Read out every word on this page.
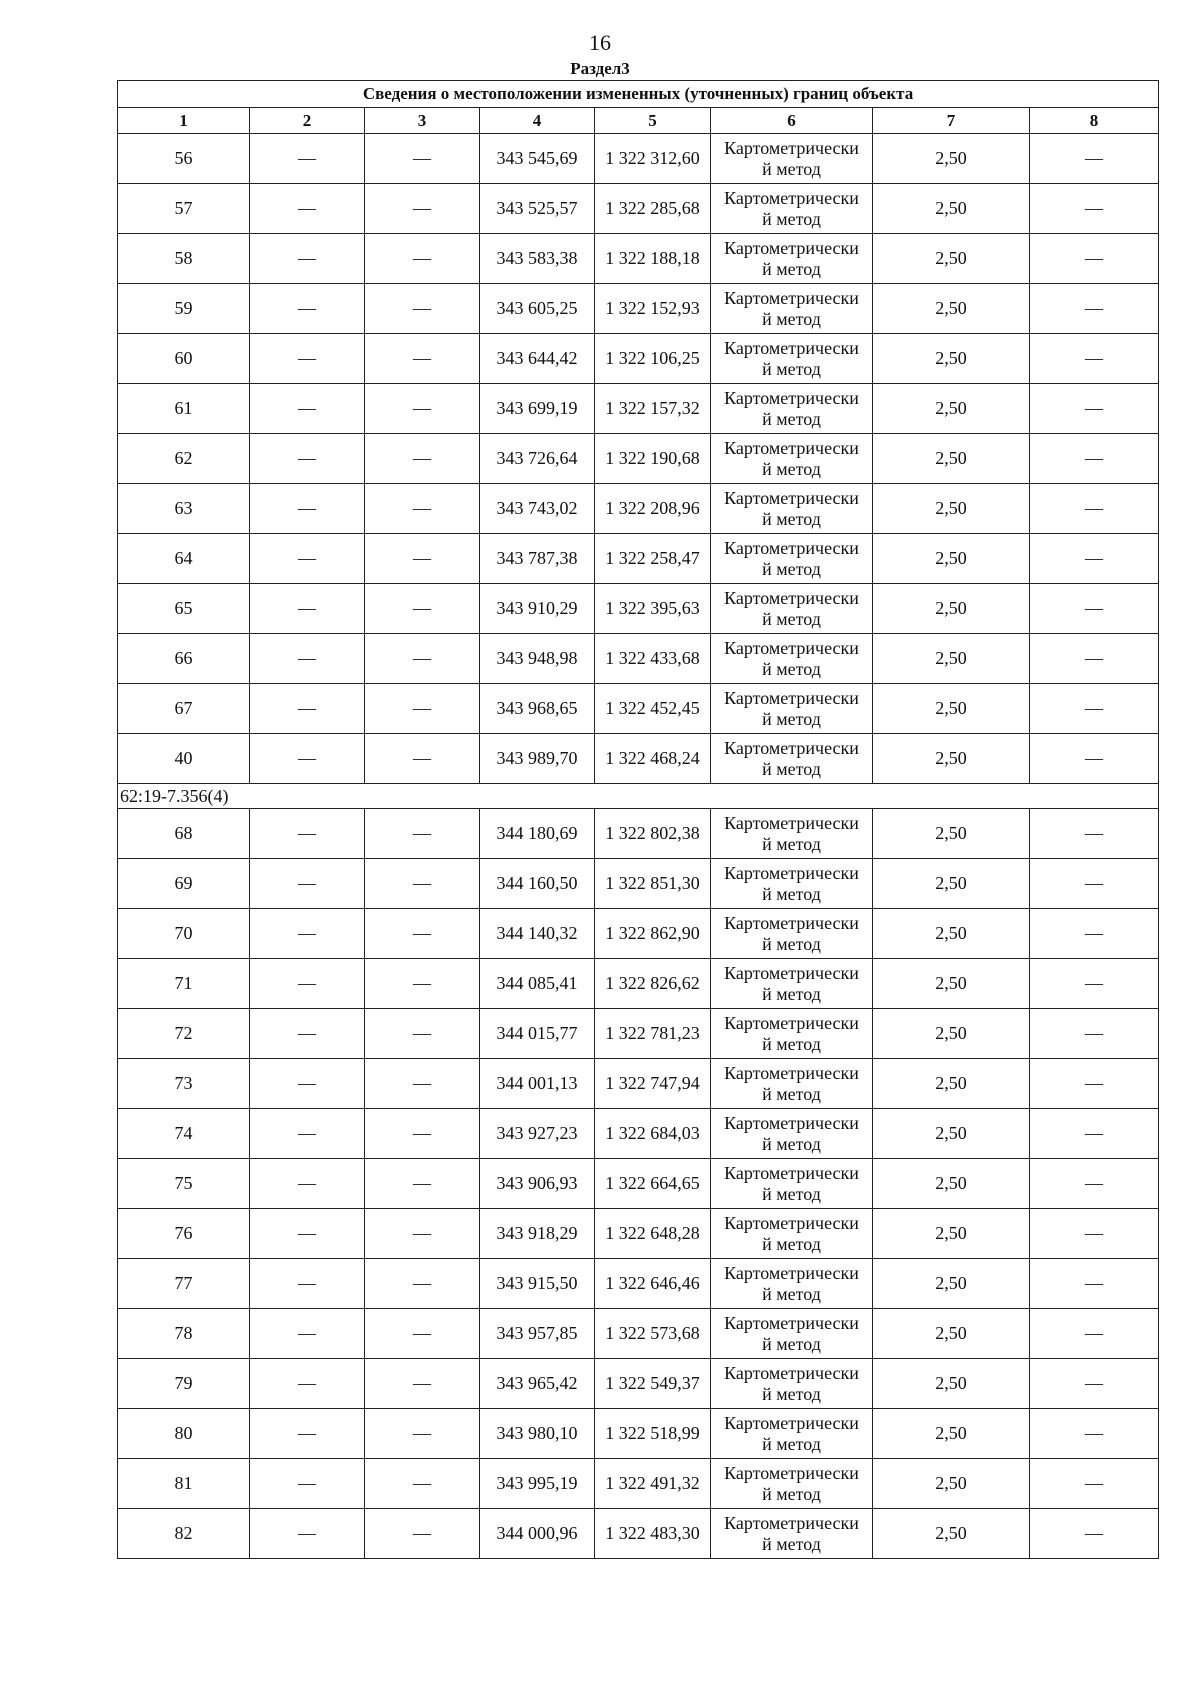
16
Раздел3
Сведения о местоположении измененных (уточненных) границ объекта							
1	2	3	4	5	6	7	8
56	—	—	343 545,69	1 322 312,60	Картометрически
й метод	2,50	—
57	—	—	343 525,57	1 322 285,68	Картометрически
й метод	2,50	—
58	—	—	343 583,38	1 322 188,18	Картометрически
й метод	2,50	—
59	—	—	343 605,25	1 322 152,93	Картометрически
й метод	2,50	—
60	—	—	343 644,42	1 322 106,25	Картометрически
й метод	2,50	—
61	—	—	343 699,19	1 322 157,32	Картометрически
й метод	2,50	—
62	—	—	343 726,64	1 322 190,68	Картометрически
й метод	2,50	—
63	—	—	343 743,02	1 322 208,96	Картометрически
й метод	2,50	—
64	—	—	343 787,38	1 322 258,47	Картометрически
й метод	2,50	—
65	—	—	343 910,29	1 322 395,63	Картометрически
й метод	2,50	—
66	—	—	343 948,98	1 322 433,68	Картометрически
й метод	2,50	—
67	—	—	343 968,65	1 322 452,45	Картометрически
й метод	2,50	—
40	—	—	343 989,70	1 322 468,24	Картометрически
й метод	2,50	—
62:19-7.356(4)							
68	—	—	344 180,69	1 322 802,38	Картометрически
й метод	2,50	—
69	—	—	344 160,50	1 322 851,30	Картометрически
й метод	2,50	—
70	—	—	344 140,32	1 322 862,90	Картометрически
й метод	2,50	—
71	—	—	344 085,41	1 322 826,62	Картометрически
й метод	2,50	—
72	—	—	344 015,77	1 322 781,23	Картометрически
й метод	2,50	—
73	—	—	344 001,13	1 322 747,94	Картометрически
й метод	2,50	—
74	—	—	343 927,23	1 322 684,03	Картометрически
й метод	2,50	—
75	—	—	343 906,93	1 322 664,65	Картометрически
й метод	2,50	—
76	—	—	343 918,29	1 322 648,28	Картометрически
й метод	2,50	—
77	—	—	343 915,50	1 322 646,46	Картометрически
й метод	2,50	—
78	—	—	343 957,85	1 322 573,68	Картометрически
й метод	2,50	—
79	—	—	343 965,42	1 322 549,37	Картометрически
й метод	2,50	—
80	—	—	343 980,10	1 322 518,99	Картометрически
й метод	2,50	—
81	—	—	343 995,19	1 322 491,32	Картометрически
й метод	2,50	—
82	—	—	344 000,96	1 322 483,30	Картометрически
й метод	2,50	—
